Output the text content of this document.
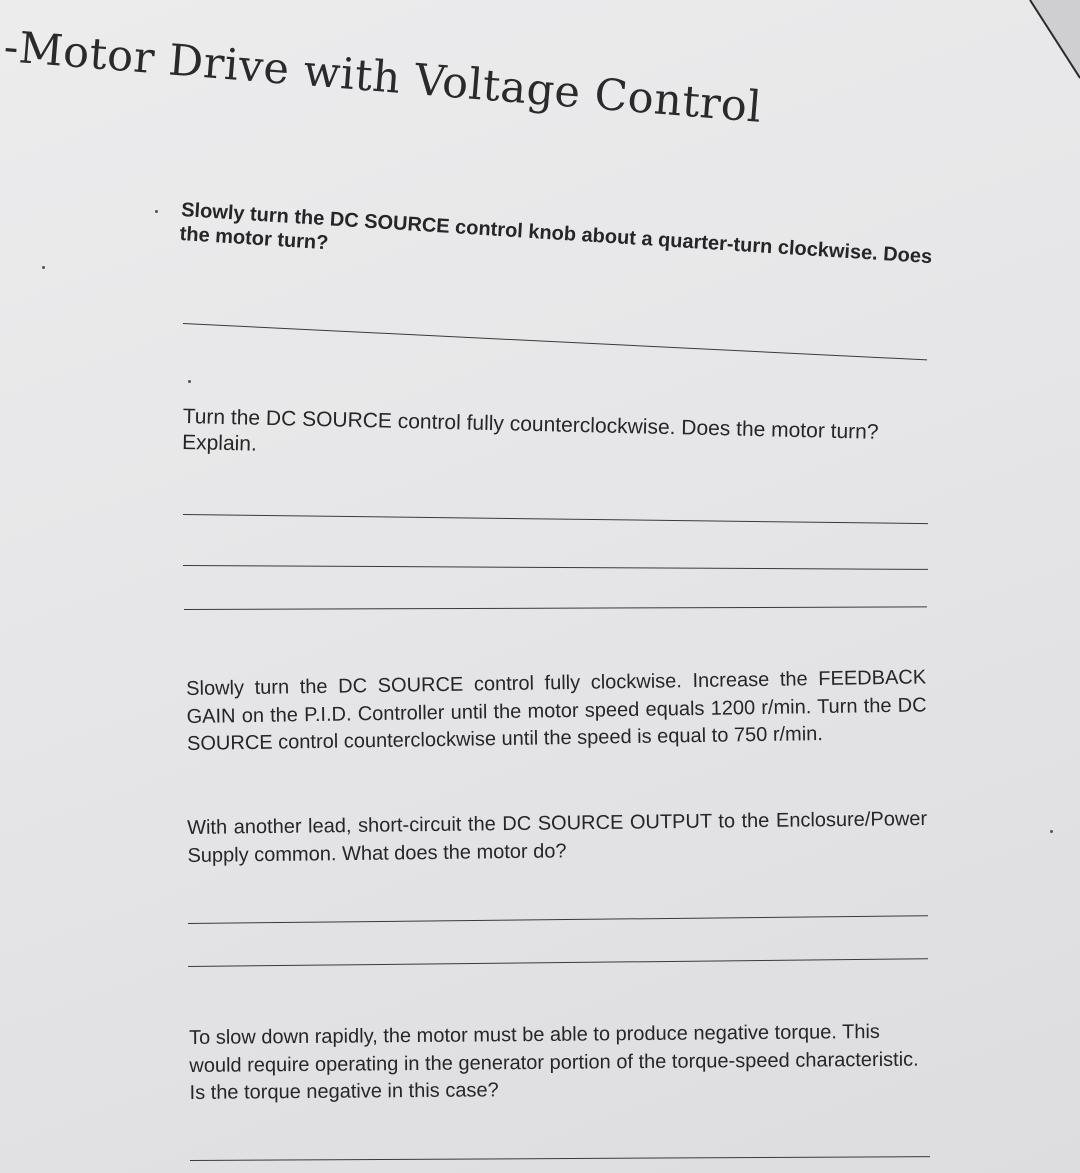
-Motor Drive with Voltage Control

Slowly turn the DC SOURCE control knob about a quarter-turn clockwise. Does the motor turn?

Turn the DC SOURCE control fully counterclockwise. Does the motor turn? Explain.

Slowly turn the DC SOURCE control fully clockwise. Increase the FEEDBACK GAIN on the P.I.D. Controller until the motor speed equals 1200 r/min. Turn the DC SOURCE control counterclockwise until the speed is equal to 750 r/min.

With another lead, short-circuit the DC SOURCE OUTPUT to the Enclosure/Power Supply common. What does the motor do?

To slow down rapidly, the motor must be able to produce negative torque. This would require operating in the generator portion of the torque-speed characteristic. Is the torque negative in this case?
